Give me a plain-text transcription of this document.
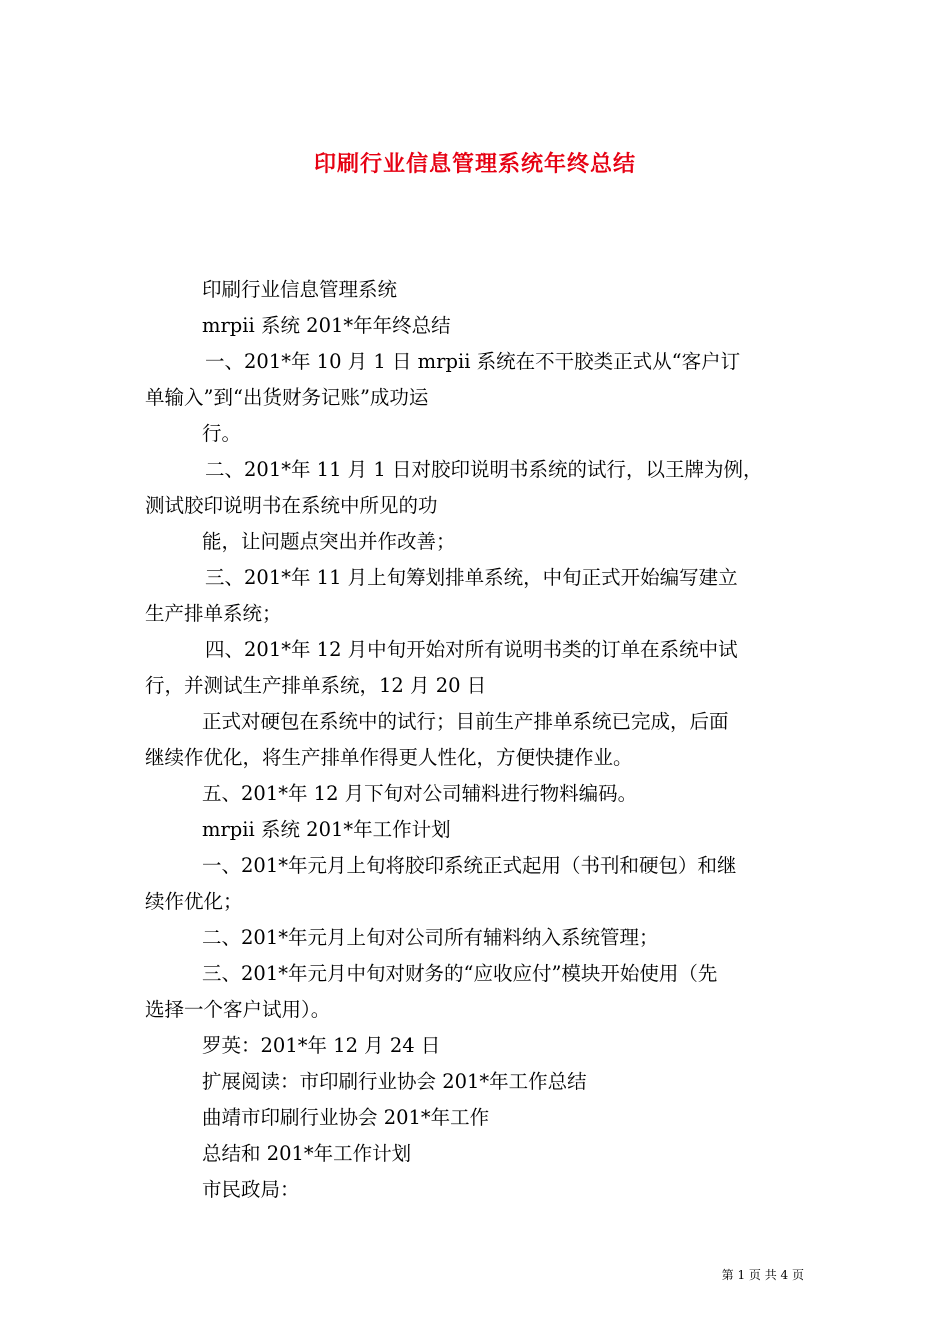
印刷行业信息管理系统年终总结

印刷行业信息管理系统

mrpii 系统 201*年年终总结

一、201*年 10 月 1 日 mrpii 系统在不干胶类正式从“客户订
单输入”到“出货财务记账”成功运

行。

二、201*年 11 月 1 日对胶印说明书系统的试行，以王牌为例，
测试胶印说明书在系统中所见的功

能，让问题点突出并作改善；

三、201*年 11 月上旬筹划排单系统，中旬正式开始编写建立
生产排单系统；

四、201*年 12 月中旬开始对所有说明书类的订单在系统中试
行，并测试生产排单系统，12 月 20 日

正式对硬包在系统中的试行；目前生产排单系统已完成，后面
继续作优化，将生产排单作得更人性化，方便快捷作业。

五、201*年 12 月下旬对公司辅料进行物料编码。

mrpii 系统 201*年工作计划

一、201*年元月上旬将胶印系统正式起用（书刊和硬包）和继
续作优化；

二、201*年元月上旬对公司所有辅料纳入系统管理；

三、201*年元月中旬对财务的“应收应付”模块开始使用（先
选择一个客户试用）。

罗英：201*年 12 月 24 日

扩展阅读：市印刷行业协会 201*年工作总结

曲靖市印刷行业协会 201*年工作

总结和 201*年工作计划

市民政局：

第 1 页 共 4 页
